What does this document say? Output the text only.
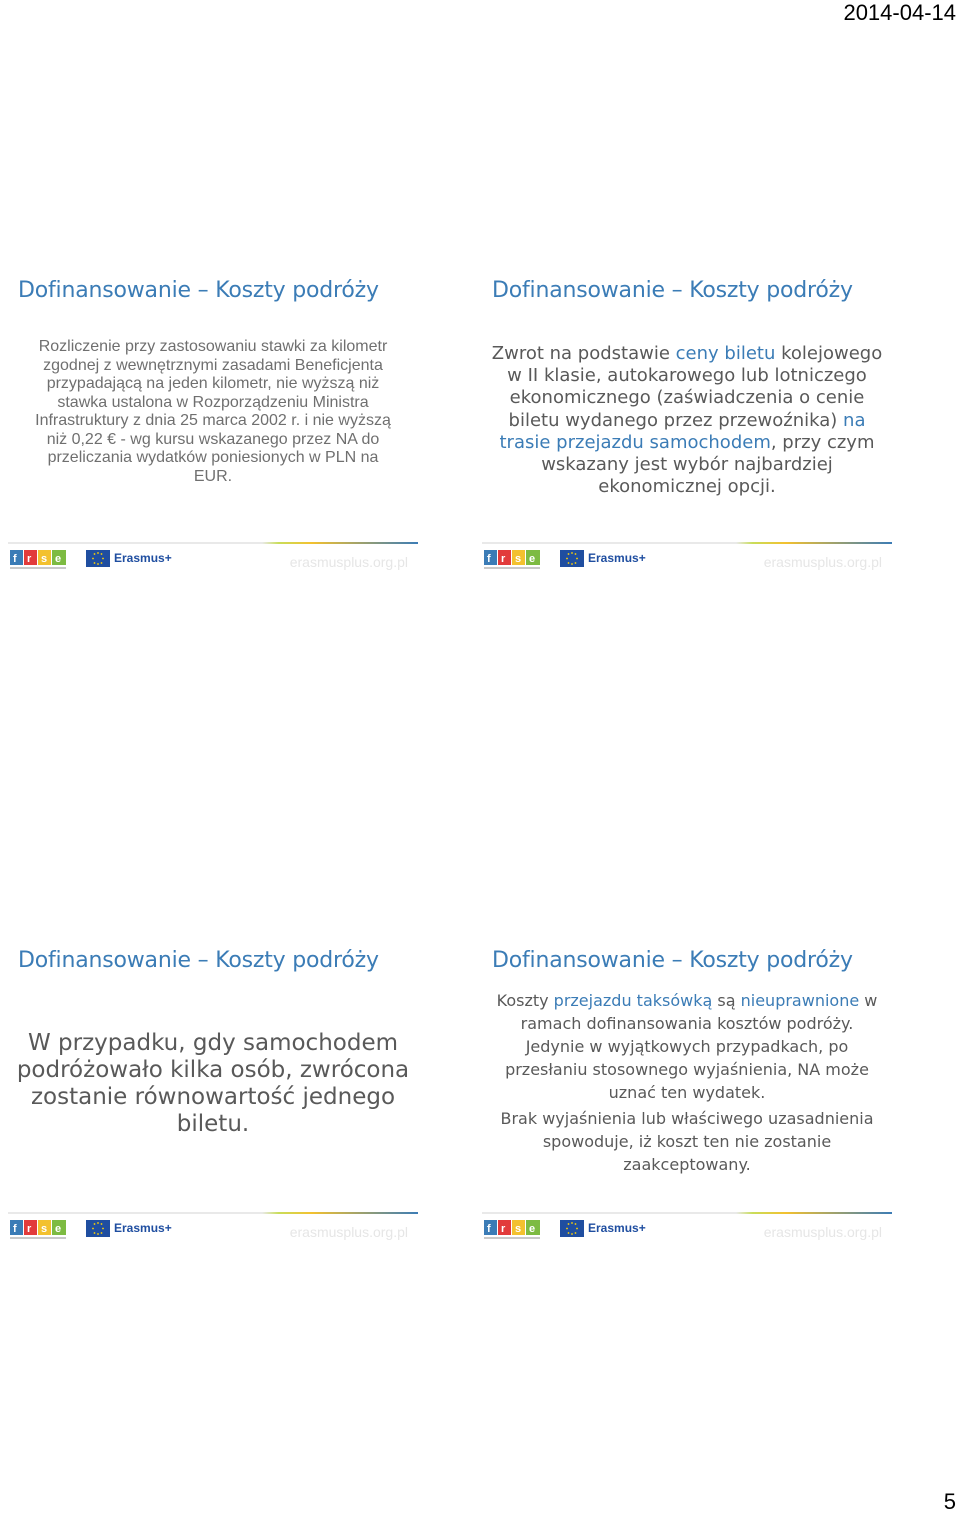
2014-04-14
Dofinansowanie – Koszty podróży

Rozliczenie przy zastosowaniu stawki za kilometr zgodnej z wewnętrznymi zasadami Beneficjenta przypadającą na jeden kilometr, nie wyższą niż stawka ustalona w Rozporządzeniu Ministra Infrastruktury z dnia 25 marca 2002 r. i nie wyższą niż 0,22 € - wg kursu wskazanego przez NA do przeliczania wydatków poniesionych w PLN na EUR.

f r s e	Erasmus+	erasmusplus.org.pl
Dofinansowanie – Koszty podróży

Zwrot na podstawie ceny biletu kolejowego w II klasie, autokarowego lub lotniczego ekonomicznego (zaświadczenia o cenie biletu wydanego przez przewoźnika) na trasie przejazdu samochodem, przy czym wskazany jest wybór najbardziej ekonomicznej opcji.

f r s e	Erasmus+	erasmusplus.org.pl
Dofinansowanie – Koszty podróży

W przypadku, gdy samochodem podróżowało kilka osób, zwrócona zostanie równowartość jednego biletu.

f r s e	Erasmus+	erasmusplus.org.pl
Dofinansowanie – Koszty podróży

Koszty przejazdu taksówką są nieuprawnione w ramach dofinansowania kosztów podróży. Jedynie w wyjątkowych przypadkach, po przesłaniu stosownego wyjaśnienia, NA może uznać ten wydatek.

Brak wyjaśnienia lub właściwego uzasadnienia spowoduje, iż koszt ten nie zostanie zaakceptowany.

f r s e	Erasmus+	erasmusplus.org.pl
5
